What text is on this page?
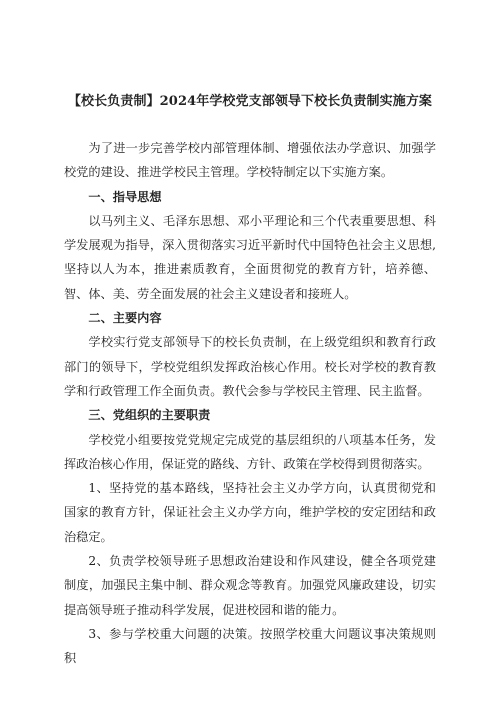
【校长负责制】2024年学校党支部领导下校长负责制实施方案

为了进一步完善学校内部管理体制、增强依法办学意识、加强学校党的建设、推进学校民主管理。学校特制定以下实施方案。

一、指导思想

以马列主义、毛泽东思想、邓小平理论和三个代表重要思想、科学发展观为指导，深入贯彻落实习近平新时代中国特色社会主义思想,坚持以人为本，推进素质教育，全面贯彻党的教育方针，培养德、智、体、美、劳全面发展的社会主义建设者和接班人。

二、主要内容

学校实行党支部领导下的校长负责制，在上级党组织和教育行政部门的领导下，学校党组织发挥政治核心作用。校长对学校的教育教学和行政管理工作全面负责。教代会参与学校民主管理、民主监督。

三、党组织的主要职责

学校党小组要按党党规定完成党的基层组织的八项基本任务，发挥政治核心作用，保证党的路线、方针、政策在学校得到贯彻落实。

1、坚持党的基本路线，坚持社会主义办学方向，认真贯彻党和国家的教育方针，保证社会主义办学方向，维护学校的安定团结和政治稳定。

2、负责学校领导班子思想政治建设和作风建设，健全各项党建制度，加强民主集中制、群众观念等教育。加强党风廉政建设，切实提高领导班子推动科学发展，促进校园和谐的能力。

3、参与学校重大问题的决策。按照学校重大问题议事决策规则积
